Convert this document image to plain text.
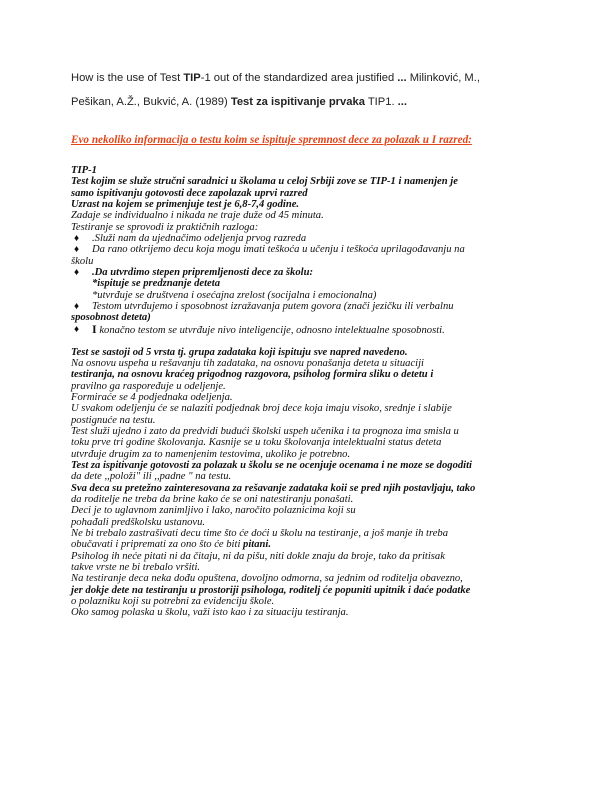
How is the use of Test TIP-1 out of the standardized area justified ... Milinković, M.,
Pešikan, A.Ž., Bukvić, A. (1989) Test za ispitivanje prvaka TIP1. ...
Evo nekoliko informacija o testu koim se ispituje spremnost dece za polazak u I razred:
TIP-1
Test kojim se služe stručni saradnici u školama u celoj Srbiji zove se TIP-1 i namenjen je
samo ispitivanju gotovosti dece zapolazak uprvi razred
Uzrast na kojem se primenjuje test je 6,8-7,4 godine.
Zadaje se individualno i nikada ne traje duže od 45 minuta.
Testiranje se sprovodi iz praktičnih razloga:
♦ .Služi nam da ujednačimo odeljenja prvog razreda
♦ Da rano otkrijemo decu koja mogu imati teškoća u učenju i teškoća uprilagođavanju na
školu
♦ .Da utvrdimo stepen pripremljenosti dece za školu:
*ispituje se predznanje deteta
*utvrđuje se društvena i osećajna zrelost (socijalna i emocionalna)
♦ Testom utvrđujemo i sposobnost izražavanja putem govora (znači jezičku ili verbalnu
sposobnost deteta)
♦ I konačno testom se utvrđuje nivo inteligencije, odnosno intelektualne sposobnosti.
Test se sastoji od 5 vrsta tj. grupa zadataka koji ispituju sve napred navedeno.
Na osnovu uspeha u rešavanju tih zadataka, na osnovu ponašanja deteta u situaciji
testiranja, na osnovu kraćeg prigodnog razgovora, psiholog formira sliku o detetu i
pravilno ga raspoređuje u odeljenje.
Formiraće se 4 podjednaka odeljenja.
U svakom odeljenju će se nalaziti podjednak broj dece koja imaju visoko, srednje i slabije
postignuće na testu.
Test služi ujedno i zato da predvidi budući školski uspeh učenika i ta prognoza ima smisla u
toku prve tri godine školovanja. Kasnije se u toku školovanja intelektualni status deteta
utvrđuje drugim za to namenjenim testovima, ukoliko je potrebno.
Test za ispitivanje gotovosti za polazak u školu se ne ocenjuje ocenama i ne moze se dogoditi
da dete ,,položi" ili ,,padne " na testu.
Sva deca su pretežno zainteresovana za rešavanje zadataka koii se pred njih postavljaju, tako
da roditelje ne treba da brine kako će se oni natestiranju ponašati.
Deci je to uglavnom zanimljivo i lako, naročito polaznicima koji su
pohađali predškolsku ustanovu.
Ne bi trebalo zastrašivati decu time što će doći u školu na testiranje, a još manje ih treba
obučavati i pripremati za ono što će biti pitani.
Psiholog ih neće pitati ni da čitaju, ni da pišu, niti dokle znaju da broje, tako da pritisak
takve vrste ne bi trebalo vršiti.
Na testiranje deca neka dođu opuštena, dovoljno odmorna, sa jednim od roditelja obavezno,
jer dokje dete na testiranju u prostoriji psihologa, roditelj će popuniti upitnik i daće podatke
o polazniku koji su potrebni za evidenciju škole.
Oko samog polaska u školu, važi isto kao i za situaciju testiranja.
